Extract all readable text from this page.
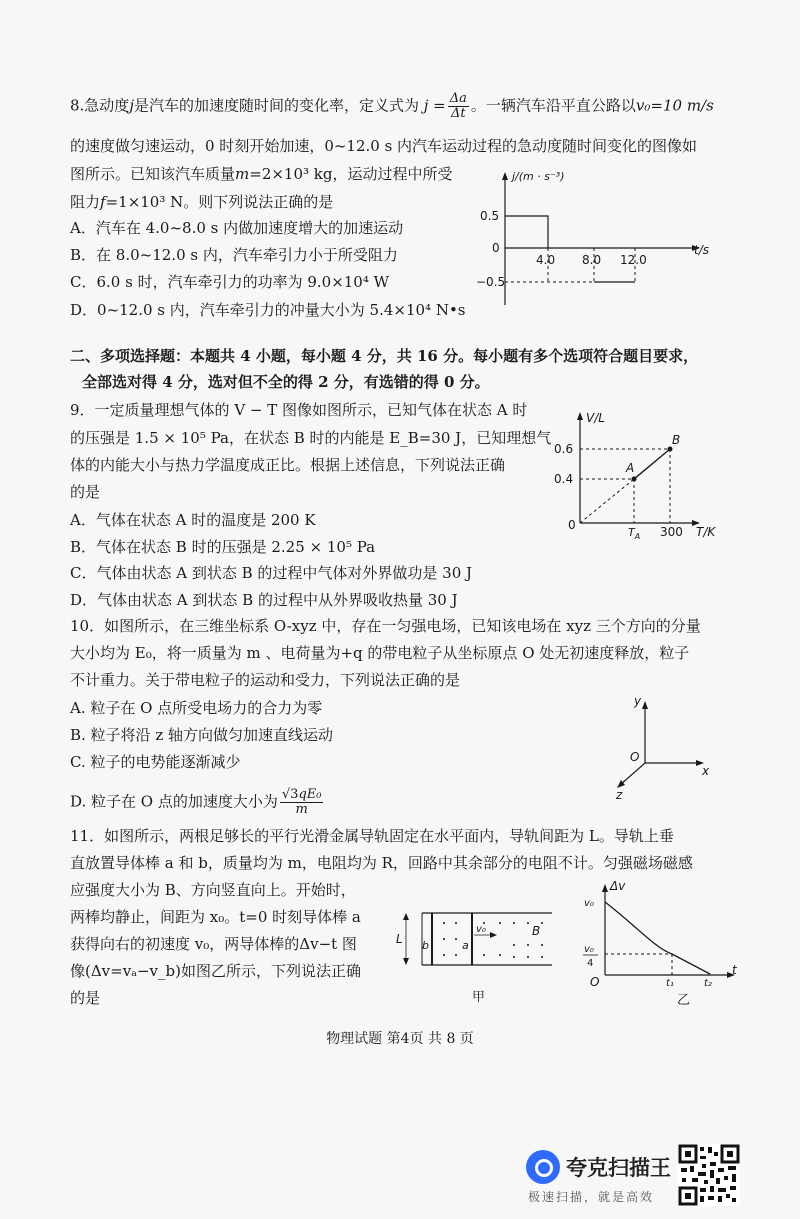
8.急动度j是汽车的加速度随时间的变化率，定义式为 $j = \frac{\Delta a}{\Delta t}$ 。一辆汽车沿平直公路以v₀=10 m/s
的速度做匀速运动，0 时刻开始加速，0~12.0 s 内汽车运动过程的急动度随时间变化的图像如
图所示。已知该汽车质量m=2×10³ kg，运动过程中所受
阻力f=1×10³ N。则下列说法正确的是
A．汽车在 4.0~8.0 s 内做加速度增大的加速运动
B．在 8.0~12.0 s 内，汽车牵引力小于所受阻力
C．6.0 s 时，汽车牵引力的功率为 9.0×10⁴ W
D．0~12.0 s 内，汽车牵引力的冲量大小为 5.4×10⁴ N•s
j/(m · s⁻³)
0.5
0
−0.5
4.0 8.0 12.0
t/s
二、多项选择题：本题共 4 小题，每小题 4 分，共 16 分。每小题有多个选项符合题目要求，
全部选对得 4 分，选对但不全的得 2 分，有选错的得 0 分。
9．一定质量理想气体的 V − T 图像如图所示，已知气体在状态 A 时
的压强是 1.5 × 10⁵ Pa，在状态 B 时的内能是 E_B=30 J，已知理想气
体的内能大小与热力学温度成正比。根据上述信息，下列说法正确
的是
A．气体在状态 A 时的温度是 200 K
B．气体在状态 B 时的压强是 2.25 × 10⁵ Pa
C．气体由状态 A 到状态 B 的过程中气体对外界做功是 30 J
D．气体由状态 A 到状态 B 的过程中从外界吸收热量 30 J
V/L
0.6
0.4
0
$T_A$ 300 T/K
A
B
10．如图所示，在三维坐标系 O-xyz 中，存在一匀强电场，已知该电场在 xyz 三个方向的分量
大小均为 E₀，将一质量为 m 、电荷量为+q 的带电粒子从坐标原点 O 处无初速度释放，粒子
不计重力。关于带电粒子的运动和受力，下列说法正确的是
A. 粒子在 O 点所受电场力的合力为零
B. 粒子将沿 z 轴方向做匀加速直线运动
C. 粒子的电势能逐渐减少
D. 粒子在 O 点的加速度大小为 $\frac{\text{√3qE₀}}{m}$
y
x
z
O
11．如图所示，两根足够长的平行光滑金属导轨固定在水平面内，导轨间距为 L。导轨上垂
直放置导体棒 a 和 b，质量均为 m，电阻均为 R，回路中其余部分的电阻不计。匀强磁场磁感
应强度大小为 B、方向竖直向上。开始时，
两棒均静止，间距为 x₀。t=0 时刻导体棒 a
获得向右的初速度 v₀，两导体棒的Δv−t 图
像(Δv=vₐ−v_b)如图乙所示，下列说法正确
的是
L b	a
v₀	B
甲
Δv
v₀
v₀
4
O	t₁	t₂
t
乙
物理试题 第4页 共 8 页
夸克扫描王
极速扫描，就是高效
